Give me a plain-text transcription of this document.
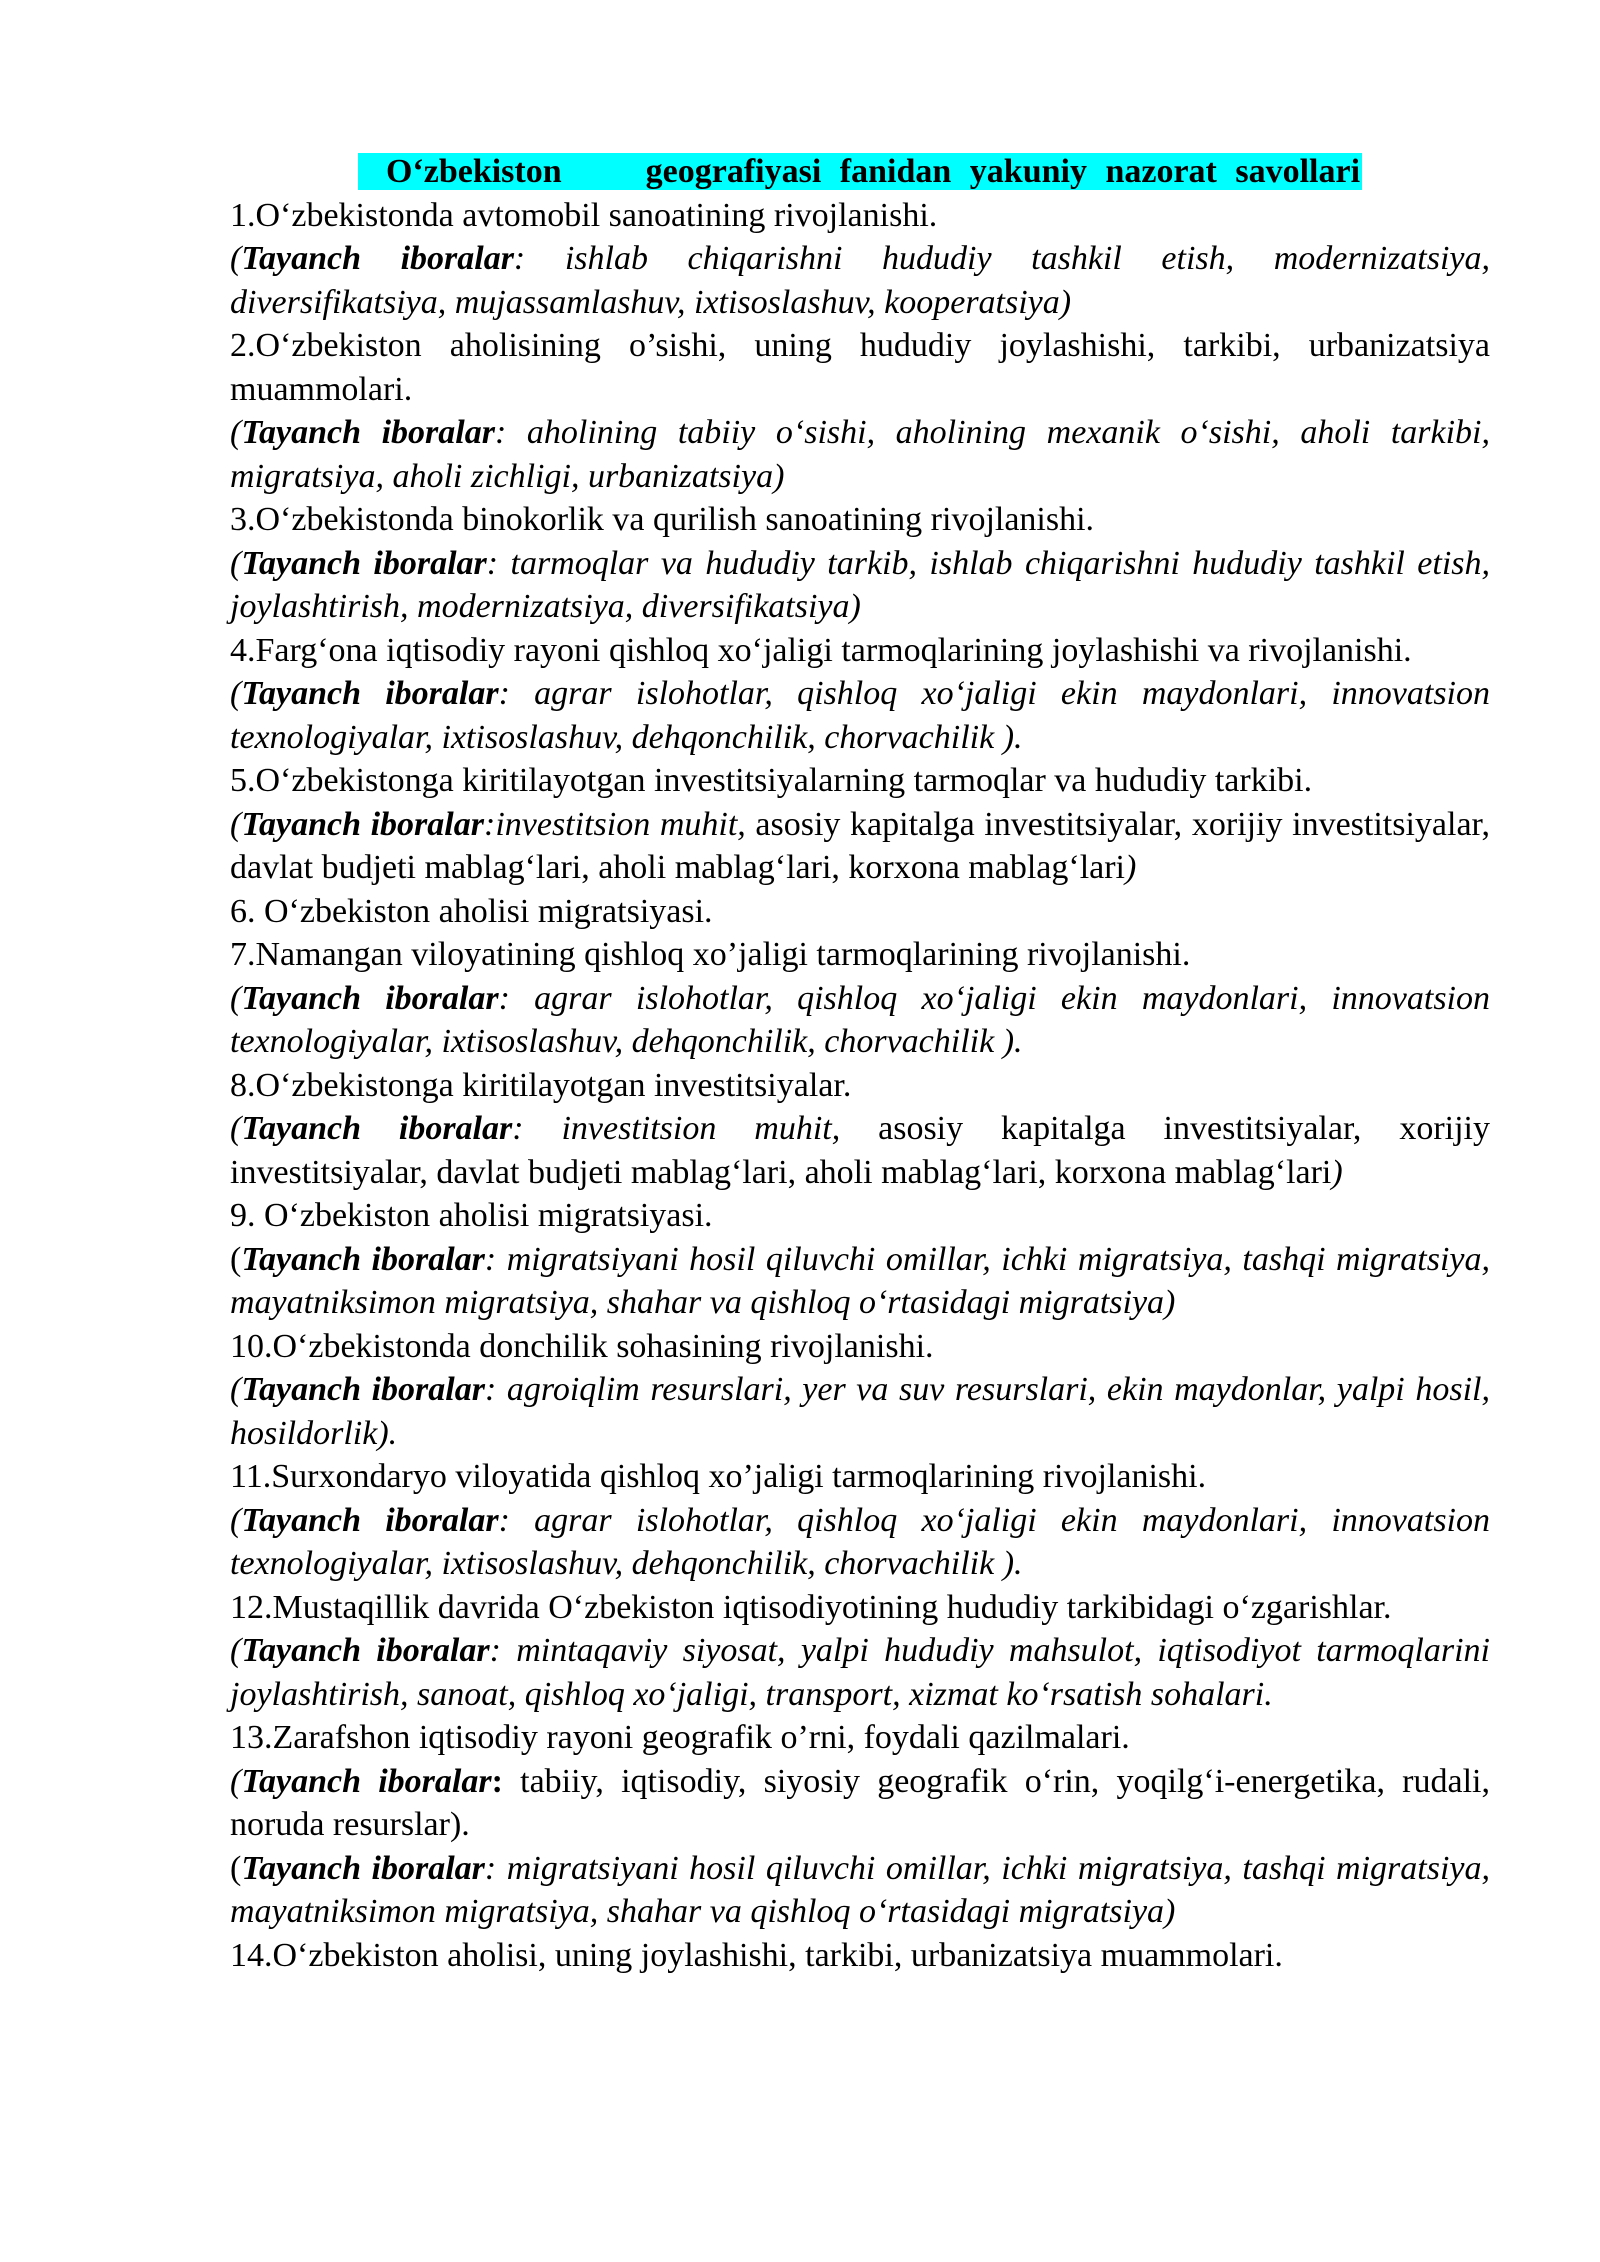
O‘zbekiston geografiyasi fanidan yakuniy nazorat savollari

1.O‘zbekistonda avtomobil sanoatining rivojlanishi.

(Tayanch iboralar: ishlab chiqarishni hududiy tashkil etish, modernizatsiya, diversifikatsiya, mujassamlashuv, ixtisoslashuv, kooperatsiya)

2.O‘zbekiston aholisining o’sishi, uning hududiy joylashishi, tarkibi, urbanizatsiya muammolari.

(Tayanch iboralar: aholining tabiiy o‘sishi, aholining mexanik o‘sishi, aholi tarkibi, migratsiya, aholi zichligi, urbanizatsiya)

3.O‘zbekistonda binokorlik va qurilish sanoatining rivojlanishi.

(Tayanch iboralar: tarmoqlar va hududiy tarkib, ishlab chiqarishni hududiy tashkil etish, joylashtirish, modernizatsiya, diversifikatsiya)

4.Farg‘ona iqtisodiy rayoni qishloq xo‘jaligi tarmoqlarining joylashishi va rivojlanishi.

(Tayanch iboralar: agrar islohotlar, qishloq xo‘jaligi ekin maydonlari, innovatsion texnologiyalar, ixtisoslashuv, dehqonchilik, chorvachilik ).

5.O‘zbekistonga kiritilayotgan investitsiyalarning tarmoqlar va hududiy tarkibi.

(Tayanch iboralar:investitsion muhit, asosiy kapitalga investitsiyalar, xorijiy investitsiyalar, davlat budjeti mablag‘lari, aholi mablag‘lari, korxona mablag‘lari)

6. O‘zbekiston aholisi migratsiyasi.

7.Namangan viloyatining qishloq xo’jaligi tarmoqlarining rivojlanishi.

(Tayanch iboralar: agrar islohotlar, qishloq xo‘jaligi ekin maydonlari, innovatsion texnologiyalar, ixtisoslashuv, dehqonchilik, chorvachilik ).

8.O‘zbekistonga kiritilayotgan investitsiyalar.

(Tayanch iboralar: investitsion muhit, asosiy kapitalga investitsiyalar, xorijiy investitsiyalar, davlat budjeti mablag‘lari, aholi mablag‘lari, korxona mablag‘lari)

9. O‘zbekiston aholisi migratsiyasi.

(Tayanch iboralar: migratsiyani hosil qiluvchi omillar, ichki migratsiya, tashqi migratsiya, mayatniksimon migratsiya, shahar va qishloq o‘rtasidagi migratsiya)

10.O‘zbekistonda donchilik sohasining rivojlanishi.

(Tayanch iboralar: agroiqlim resurslari, yer va suv resurslari, ekin maydonlar, yalpi hosil, hosildorlik).

11.Surxondaryo viloyatida qishloq xo’jaligi tarmoqlarining rivojlanishi.

(Tayanch iboralar: agrar islohotlar, qishloq xo‘jaligi ekin maydonlari, innovatsion texnologiyalar, ixtisoslashuv, dehqonchilik, chorvachilik ).

12.Mustaqillik davrida O‘zbekiston iqtisodiyotining hududiy tarkibidagi o‘zgarishlar.

(Tayanch iboralar: mintaqaviy siyosat, yalpi hududiy mahsulot, iqtisodiyot tarmoqlarini joylashtirish, sanoat, qishloq xo‘jaligi, transport, xizmat ko‘rsatish sohalari.

13.Zarafshon iqtisodiy rayoni geografik o’rni, foydali qazilmalari.

(Tayanch iboralar: tabiiy, iqtisodiy, siyosiy geografik o‘rin, yoqilg‘i-energetika, rudali, noruda resurslar).

(Tayanch iboralar: migratsiyani hosil qiluvchi omillar, ichki migratsiya, tashqi migratsiya, mayatniksimon migratsiya, shahar va qishloq o‘rtasidagi migratsiya)

14.O‘zbekiston aholisi, uning joylashishi, tarkibi, urbanizatsiya muammolari.
